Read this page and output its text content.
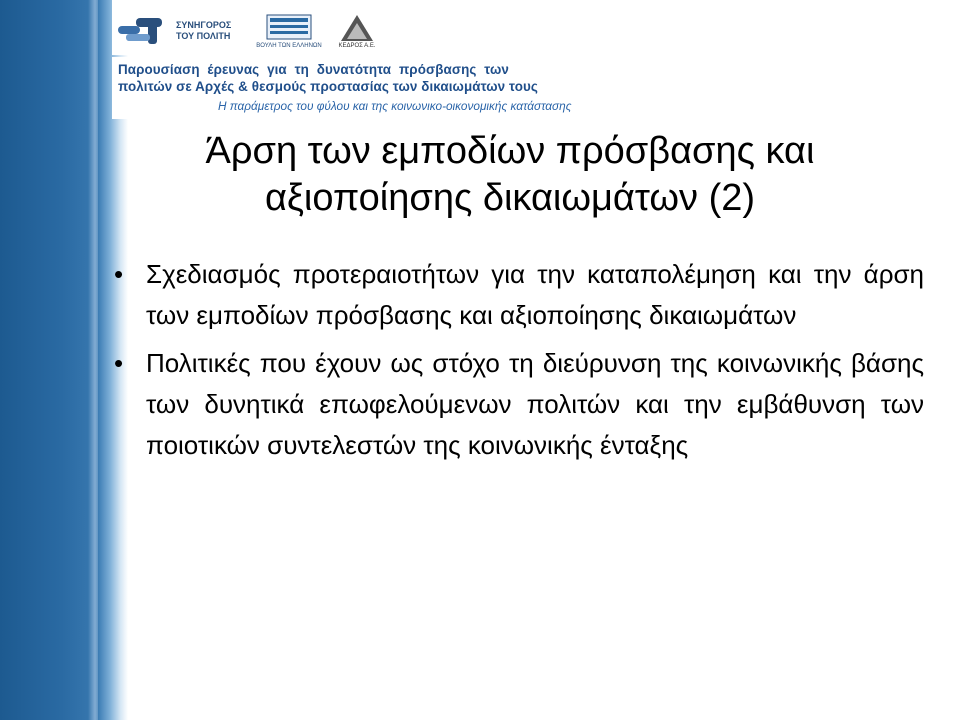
ΣΥΝΗΓΟΡΟΣ
ΤΟΥ ΠΟΛΙΤΗ
ΒΟΥΛΗ ΤΩΝ ΕΛΛΗΝΩΝ	ΚΕΔΡΟΣ Α.Ε.
Παρουσίαση έρευνας για τη δυνατότητα πρόσβασης των
πολιτών σε Αρχές & θεσμούς προστασίας των δικαιωμάτων τους
Η παράμετρος του φύλου και της κοινωνικο-οικονομικής κατάστασης
Άρση των εμποδίων πρόσβασης και
αξιοποίησης δικαιωμάτων (2)
• Σχεδιασμός προτεραιοτήτων για την καταπολέμηση και την άρση των εμποδίων πρόσβασης και αξιοποίησης δικαιωμάτων
• Πολιτικές που έχουν ως στόχο τη διεύρυνση της κοινωνικής βάσης των δυνητικά επωφελούμενων πολιτών και την εμβάθυνση των ποιοτικών συντελεστών της κοινωνικής ένταξης
